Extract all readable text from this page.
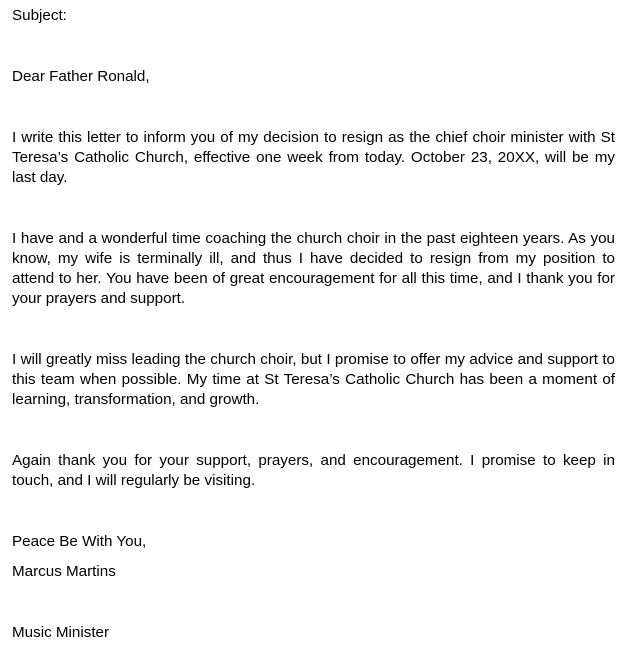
Subject:

Dear Father Ronald,

I write this letter to inform you of my decision to resign as the chief choir minister with St Teresa’s Catholic Church, effective one week from today. October 23, 20XX, will be my last day.

I have and a wonderful time coaching the church choir in the past eighteen years. As you know, my wife is terminally ill, and thus I have decided to resign from my position to attend to her. You have been of great encouragement for all this time, and I thank you for your prayers and support.

I will greatly miss leading the church choir, but I promise to offer my advice and support to this team when possible. My time at St Teresa’s Catholic Church has been a moment of learning, transformation, and growth.

Again thank you for your support, prayers, and encouragement. I promise to keep in touch, and I will regularly be visiting.

Peace Be With You,

Marcus Martins

Music Minister
